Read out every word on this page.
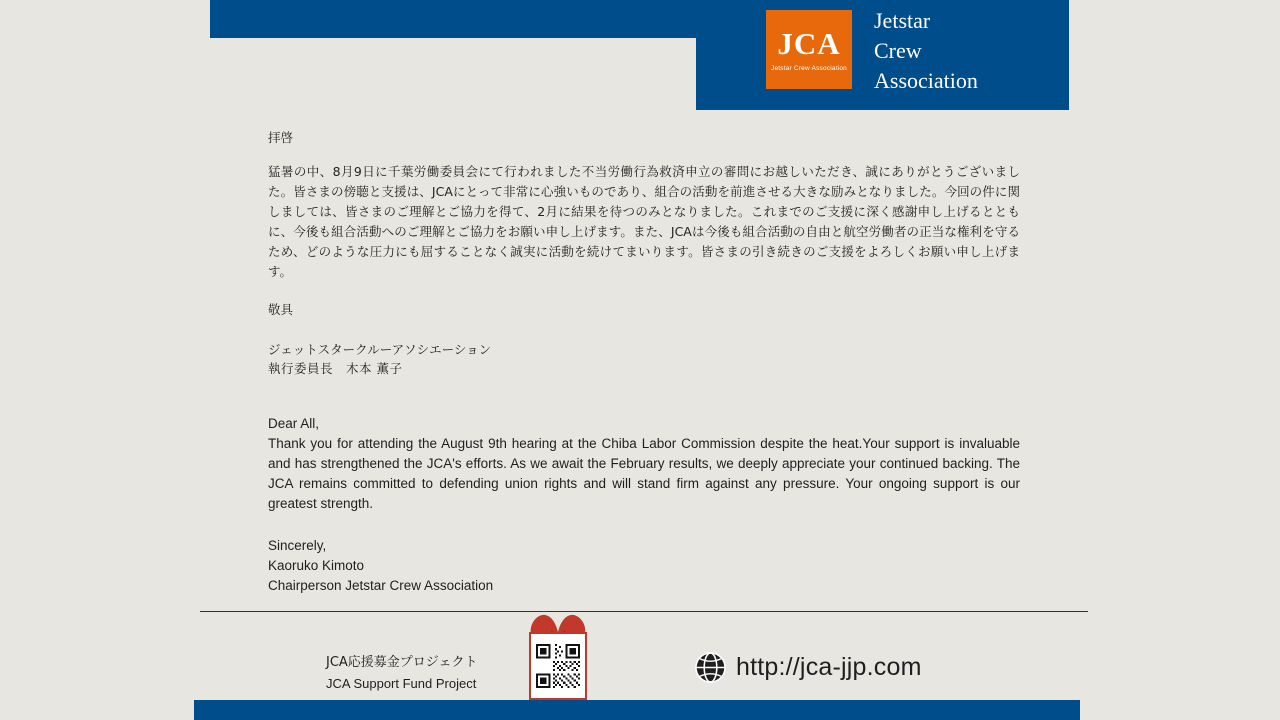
JCA
Jetstar Crew Association
Jetstar
Crew
Association
拝啓
猛暑の中、8月9日に千葉労働委員会にて行われました不当労働行為救済申立の審問にお越しいただき、誠にありがとうございました。皆さまの傍聴と支援は、JCAにとって非常に心強いものであり、組合の活動を前進させる大きな励みとなりました。今回の件に関しましては、皆さまのご理解とご協力を得て、2月に結果を待つのみとなりました。これまでのご支援に深く感謝申し上げるとともに、今後も組合活動へのご理解とご協力をお願い申し上げます。また、JCAは今後も組合活動の自由と航空労働者の正当な権利を守るため、どのような圧力にも屈することなく誠実に活動を続けてまいります。皆さまの引き続きのご支援をよろしくお願い申し上げます。
敬具
ジェットスタークルーアソシエーション
執行委員長　木本 薫子
Dear All,
Thank you for attending the August 9th hearing at the Chiba Labor Commission despite the heat.Your support is invaluable and has strengthened the JCA's efforts. As we await the February results, we deeply appreciate your continued backing. The JCA remains committed to defending union rights and will stand firm against any pressure. Your ongoing support is our greatest strength.
Sincerely,
Kaoruko Kimoto
Chairperson Jetstar Crew Association
JCA応援募金プロジェクト
JCA Support Fund Project
http://jca-jjp.com
